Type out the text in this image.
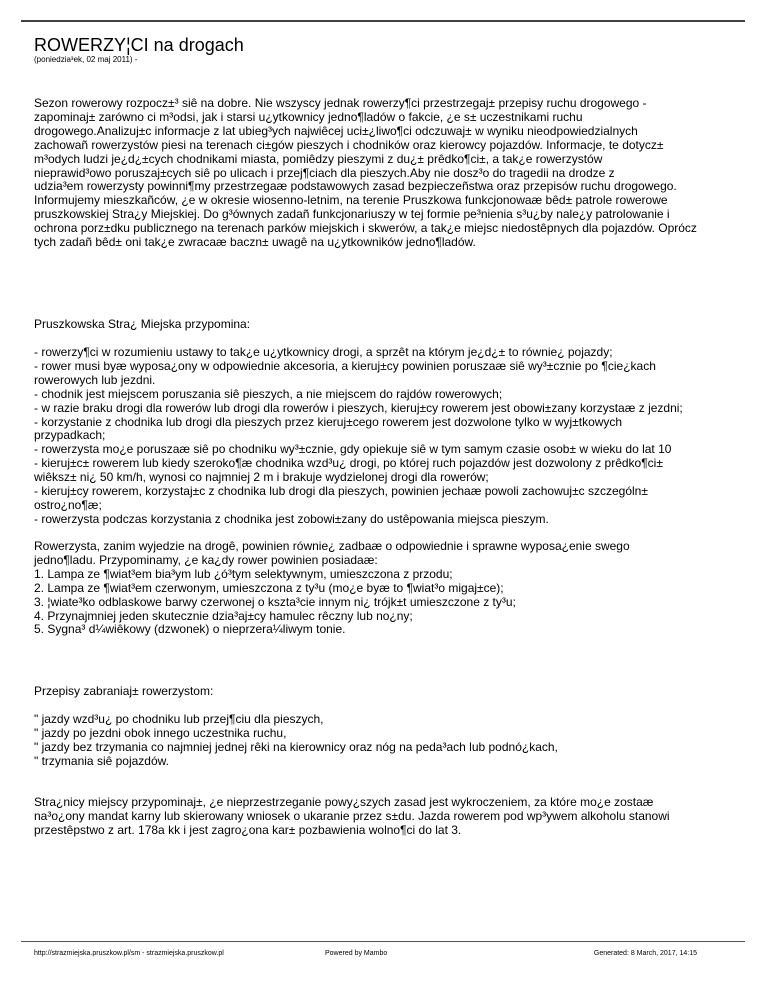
ROWERZY¦CI na drogach
(poniedzia³ek, 02 maj 2011) -
Sezon rowerowy rozpocz±³ siê na dobre. Nie wszyscy jednak rowerzy¶ci przestrzegaj± przepisy ruchu drogowego -
zapominaj± zarówno ci m³odsi, jak i starsi u¿ytkownicy jedno¶ladów o fakcie, ¿e s± uczestnikami ruchu
drogowego.Analizuj±c informacje z lat ubieg³ych najwiêcej uci±¿liwo¶ci odczuwaj± w wyniku nieodpowiedzialnych
zachowañ rowerzystów piesi na terenach ci±gów pieszych i chodników oraz kierowcy pojazdów. Informacje, te dotycz±
m³odych ludzi je¿d¿±cych chodnikami miasta, pomiêdzy pieszymi z du¿± prêdko¶ci±, a tak¿e rowerzystów
nieprawid³owo poruszaj±cych siê po ulicach i przej¶ciach dla pieszych.Aby nie dosz³o do tragedii na drodze z
udzia³em rowerzysty powinni¶my przestrzegaæ podstawowych zasad bezpieczeñstwa oraz przepisów ruchu drogowego.
Informujemy mieszkañców, ¿e w okresie wiosenno-letnim, na terenie Pruszkowa funkcjonowaæ bêd± patrole rowerowe
pruszkowskiej Stra¿y Miejskiej. Do g³ównych zadañ funkcjonariuszy w tej formie pe³nienia s³u¿by nale¿y patrolowanie i
ochrona porz±dku publicznego na terenach parków miejskich i skwerów, a tak¿e miejsc niedostêpnych dla pojazdów. Oprócz
tych zadañ bêd± oni tak¿e zwracaæ baczn± uwagê na u¿ytkowników jedno¶ladów.
Pruszkowska Stra¿ Miejska przypomina:
- rowerzy¶ci w rozumieniu ustawy to tak¿e u¿ytkownicy drogi, a sprzêt na którym je¿d¿± to równie¿ pojazdy;
- rower musi byæ wyposa¿ony w odpowiednie akcesoria, a kieruj±cy powinien poruszaæ siê wy³±cznie po ¶cie¿kach
rowerowych lub jezdni.
- chodnik jest miejscem poruszania siê pieszych, a nie miejscem do rajdów rowerowych;
- w razie braku drogi dla rowerów lub drogi dla rowerów i pieszych, kieruj±cy rowerem jest obowi±zany korzystaæ z jezdni;
- korzystanie z chodnika lub drogi dla pieszych przez kieruj±cego rowerem jest dozwolone tylko w wyj±tkowych
przypadkach;
- rowerzysta mo¿e poruszaæ siê po chodniku wy³±cznie, gdy opiekuje siê w tym samym czasie osob± w wieku do lat 10
- kieruj±c± rowerem lub kiedy szeroko¶æ chodnika wzd³u¿ drogi, po której ruch pojazdów jest dozwolony z prêdko¶ci±
wiêksz± ni¿ 50 km/h, wynosi co najmniej 2 m i brakuje wydzielonej drogi dla rowerów;
- kieruj±cy rowerem, korzystaj±c z chodnika lub drogi dla pieszych, powinien jechaæ powoli zachowuj±c szczególn±
ostro¿no¶æ;
- rowerzysta podczas korzystania z chodnika jest zobowi±zany do ustêpowania miejsca pieszym.
Rowerzysta, zanim wyjedzie na drogê, powinien równie¿ zadbaæ o odpowiednie i sprawne wyposa¿enie swego
jedno¶ladu. Przypominamy, ¿e ka¿dy rower powinien posiadaæ:
1. Lampa ze ¶wiat³em bia³ym lub ¿ó³tym selektywnym, umieszczona z przodu;
2. Lampa ze ¶wiat³em czerwonym, umieszczona z ty³u (mo¿e byæ to ¶wiat³o migaj±ce);
3. ¦wiate³ko odblaskowe barwy czerwonej o kszta³cie innym ni¿ trójk±t umieszczone z ty³u;
4. Przynajmniej jeden skutecznie dzia³aj±cy hamulec rêczny lub no¿ny;
5. Sygna³ d¼wiêkowy (dzwonek) o nieprzera¼liwym tonie.
Przepisy zabraniaj± rowerzystom:
" jazdy wzd³u¿ po chodniku lub przej¶ciu dla pieszych,
" jazdy po jezdni obok innego uczestnika ruchu,
" jazdy bez trzymania co najmniej jednej rêki na kierownicy oraz nóg na peda³ach lub podnó¿kach,
" trzymania siê pojazdów.
Stra¿nicy miejscy przypominaj±, ¿e nieprzestrzeganie powy¿szych zasad jest wykroczeniem, za które mo¿e zostaæ
na³o¿ony mandat karny lub skierowany wniosek o ukaranie przez s±du. Jazda rowerem pod wp³ywem alkoholu stanowi
przestêpstwo z art. 178a kk i jest zagro¿ona kar± pozbawienia wolno¶ci do lat 3.
http://strazmiejska.pruszkow.pl/sm - strazmiejska.pruszkow.pl	Powered by Mambo	Generated: 8 March, 2017, 14:15
